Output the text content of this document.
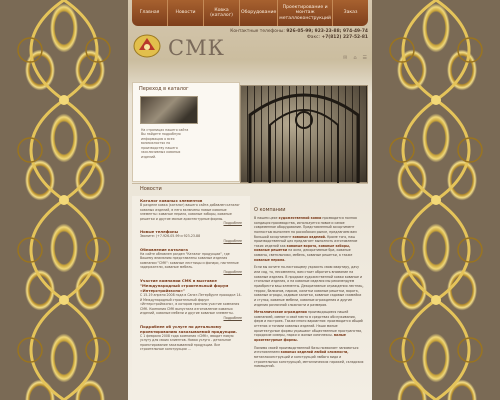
Главная	Новости
Ковка (каталог)
Оборудование
Проектирование и монтаж металлоконструкций
Заказ
СМК
Контактные телефоны: 926-05-99; 923-23-88; 974-49-74
Факс: +7(812) 227-52-81
✉ ⌂ ☰
Переход в каталог

На страницах нашего сайта Вы найдете подробную информацию о всех возможностях по производству нашего эксклюзивных кованых изделий.

Новости
Каталог кованых элементов
В разделе ковка (каталог) вашего сайта добавлен каталог кованых изделий, в него включены новые кованые элементы: кованые перила, кованые заборы, кованые решетки и другие малые архитектурные формы.
Подробнее
Новые телефоны
Звоните: (+7-926-05-99 и 923-23-88
Подробнее
Обновление каталога
На сайте обновлен раздел "Каталог продукции", где Вашему вниманию представлены кованые изделия компании "СМК": кованые лестницы и фонари, настенные задержатели, кованые мебель.
Подробнее
Участие компании СМК в выставке "Международный строительный форум «Интерстройэкспо»"
С 15-19 апреля 2008 года в Санкт-Петербурге проходил 14-й Международный строительный форум «Интерстройэкспо», в котором приняло участие компания СМК. Компания СМК выпустила изготовление кованых изделий, кованые мебели и другие кованые элементы.
Подробнее
Подробнее об услуге по детальному проектированию заказываемой продукции.
С 1 февраля 2008 года компания «СМК», вводит новую услугу для своих клиентов. Новая услуга - детальное проектирование заказываемой продукции. Все строительные конструкции ...
О компании

В нашем цехе художественной ковки прозводится полная кондиция производства, используется новое и самое современное оборудование. Представленный ассортимент полностью выполнен на российском рынке, предлагаем вам большой ассортимент кованых изделий. Кроме того, наш производственный цех предлагает выполнить изготовление таких изделий как кованые ворота, кованые заборы, кованые решетки на окна, декоративные бра, кованые камины, светильники, мебель, кованые решетки, а также кованые перила.

Если вы хотите по-настоящему украсить свою квартиру, дачу или сад, то, несомненно, вам стоит обратить внимание на кованые изделия. В продаже художественной ковки кованые и стильные изделия, а на кованые изделия мы рекомендуем приобрести ваш элементы. Декоративные ограждения лестниц, террас, балконов, парков, калитки кованые решетки, ворота, кованые ограды, садовые калитки, кованые садовые скамейки и стулья, кованые мебели, кованые ограждения и другие изделия различной сложности и размеров.

Металлические ограждения производящиеся нашей компанией, имеют и своё место в средствах обслуживания, ферм и построек. Также много вариантов: производится общий оттенок и тонами кованых изделий. Наши малые архитектурные формы украшают общественные пространства, городские скверы, парки и жилые комплексы. малые архитектурные формы.

Помимо своей производственной базы позволяет заниматься изготовлением кованых изделий любой сложности, металлоконструкций и конструкций любого вида и строительных конструкций, металлических гаражей, складских помещений.
